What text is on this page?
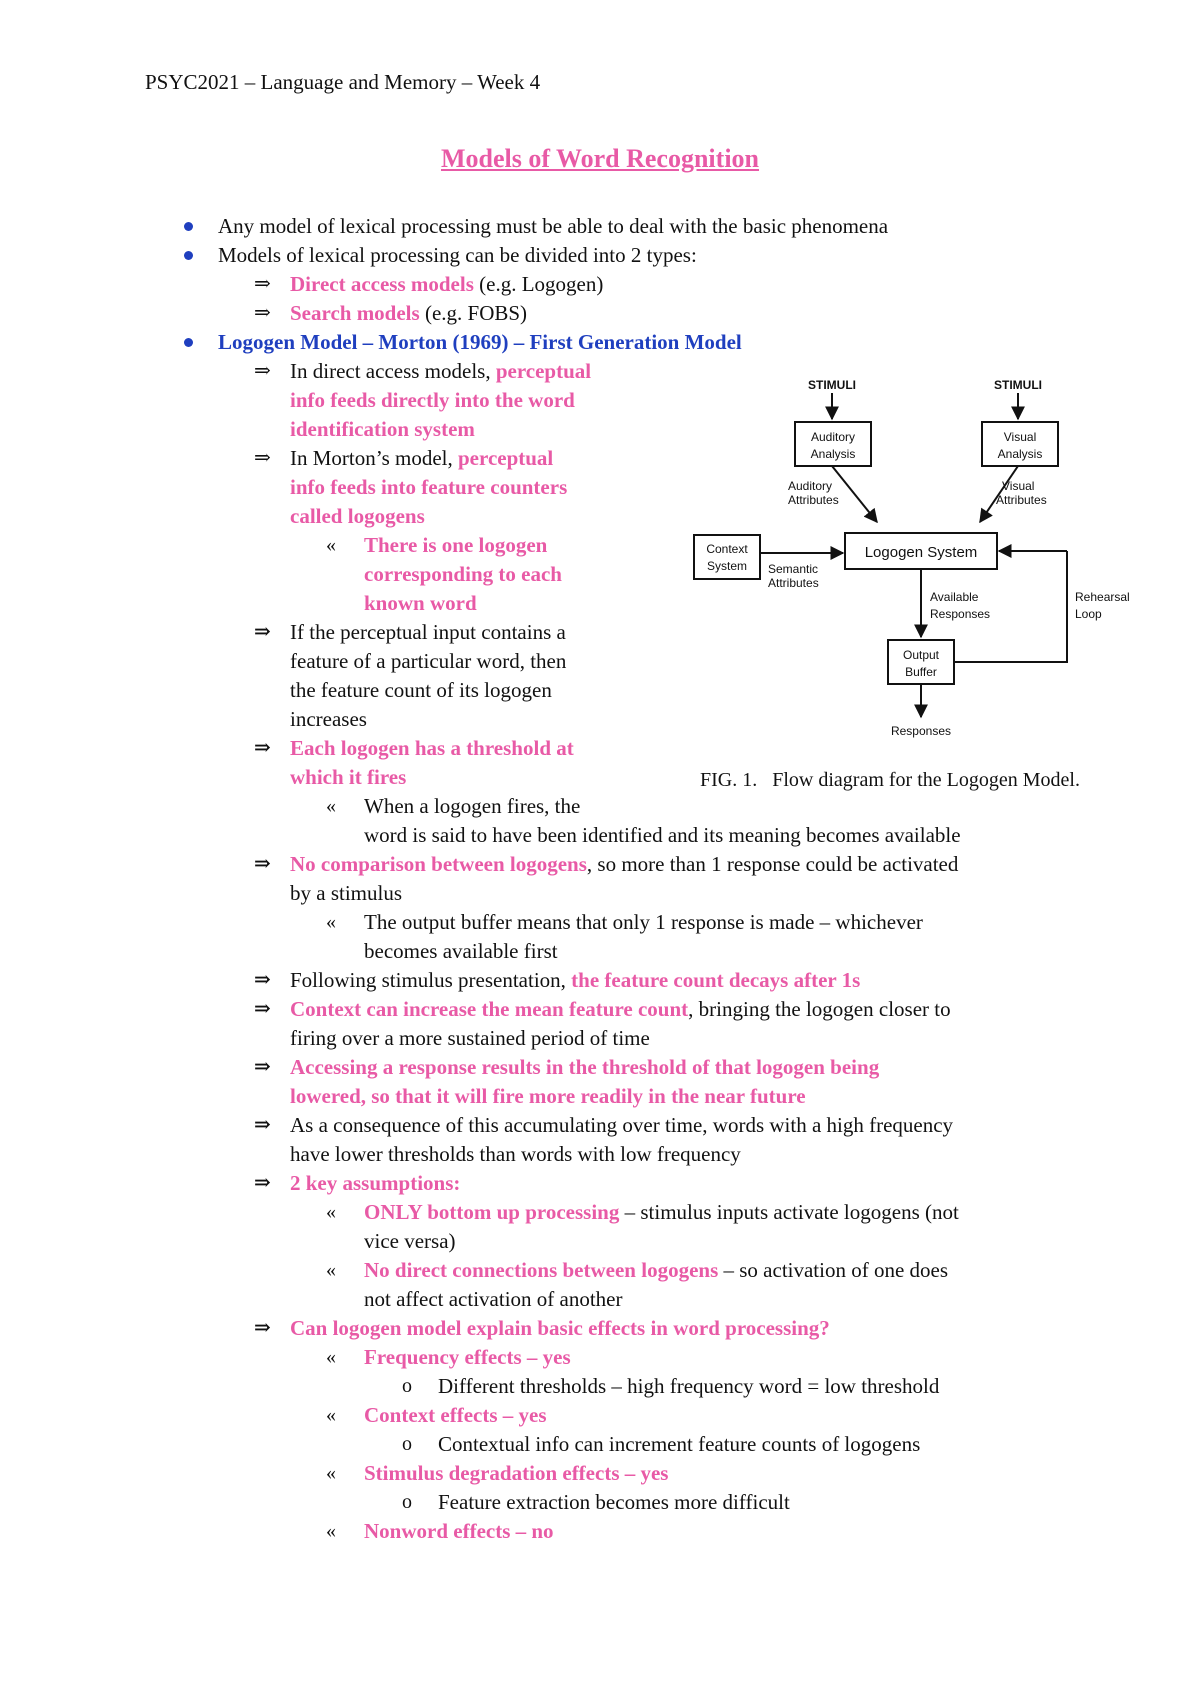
PSYC2021 – Language and Memory – Week 4
Models of Word Recognition
Any model of lexical processing must be able to deal with the basic phenomena
Models of lexical processing can be divided into 2 types:
⇒ Direct access models (e.g. Logogen)
⇒ Search models (e.g. FOBS)
Logogen Model – Morton (1969) – First Generation Model
⇒ In direct access models, perceptual
info feeds directly into the word
identification system
⇒ In Morton’s model, perceptual
info feeds into feature counters
called logogens
« There is one logogen
corresponding to each
known word
⇒ If the perceptual input contains a
feature of a particular word, then
the feature count of its logogen
increases
⇒ Each logogen has a threshold at
which it fires
« When a logogen fires, the
word is said to have been identified and its meaning becomes available
⇒ No comparison between logogens, so more than 1 response could be activated
by a stimulus
« The output buffer means that only 1 response is made – whichever
becomes available first
⇒ Following stimulus presentation, the feature count decays after 1s
⇒ Context can increase the mean feature count, bringing the logogen closer to
firing over a more sustained period of time
⇒ Accessing a response results in the threshold of that logogen being
lowered, so that it will fire more readily in the near future
⇒ As a consequence of this accumulating over time, words with a high frequency
have lower thresholds than words with low frequency
⇒ 2 key assumptions:
« ONLY bottom up processing – stimulus inputs activate logogens (not
vice versa)
« No direct connections between logogens – so activation of one does
not affect activation of another
⇒ Can logogen model explain basic effects in word processing?
« Frequency effects – yes
o Different thresholds – high frequency word = low threshold
« Context effects – yes
o Contextual info can increment feature counts of logogens
« Stimulus degradation effects – yes
o Feature extraction becomes more difficult
« Nonword effects – no
STIMULI	STIMULI
Auditory
Analysis
Visual
Analysis
Auditory
Attributes
Visual
Attributes
Context
System Semantic
Attributes
Logogen System
Available
Responses
Rehearsal
Loop
Output
Buffer
Responses
FIG. 1. Flow diagram for the Logogen Model.
